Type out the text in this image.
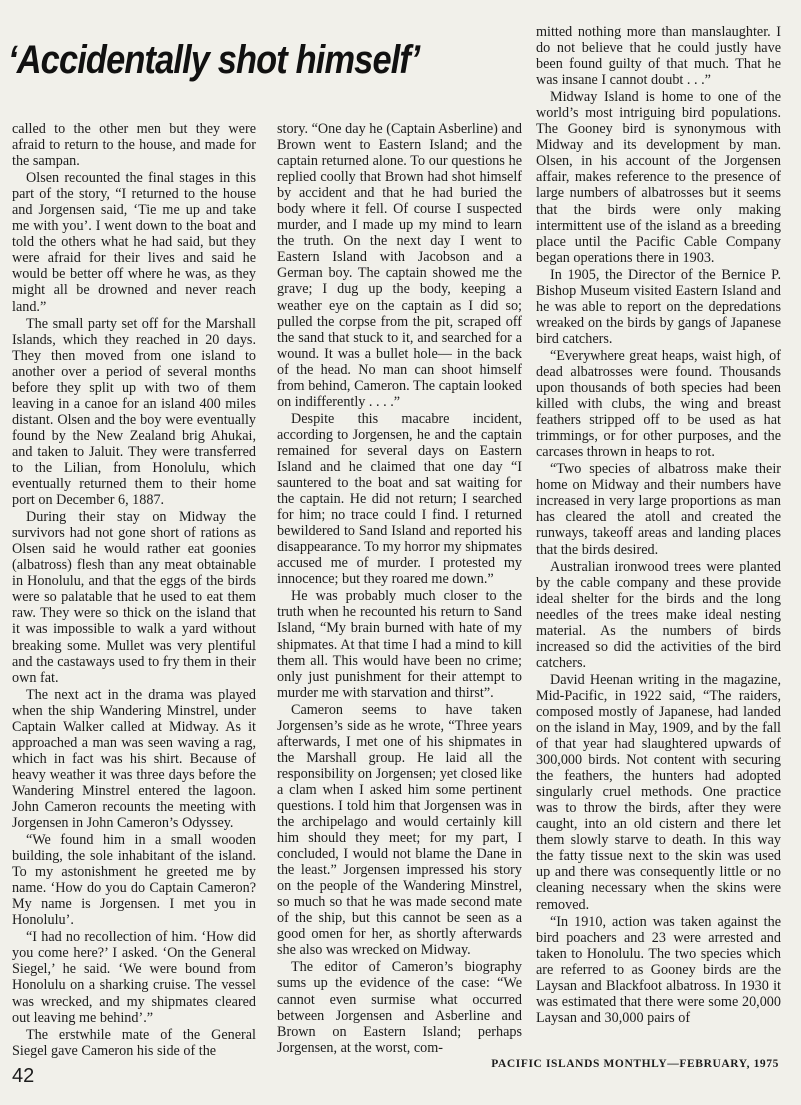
‘Accidentally shot himself’

called to the other men but they were afraid to return to the house, and made for the sampan.

Olsen recounted the final stages in this part of the story, “I returned to the house and Jorgensen said, ‘Tie me up and take me with you’. I went down to the boat and told the others what he had said, but they were afraid for their lives and said he would be better off where he was, as they might all be drowned and never reach land.”

The small party set off for the Marshall Islands, which they reached in 20 days. They then moved from one island to another over a period of several months before they split up with two of them leaving in a canoe for an island 400 miles distant. Olsen and the boy were eventually found by the New Zealand brig Ahukai, and taken to Jaluit. They were transferred to the Lilian, from Honolulu, which eventually returned them to their home port on December 6, 1887.

During their stay on Midway the survivors had not gone short of rations as Olsen said he would rather eat goonies (albatross) flesh than any meat obtainable in Honolulu, and that the eggs of the birds were so palatable that he used to eat them raw. They were so thick on the island that it was impossible to walk a yard without breaking some. Mullet was very plentiful and the castaways used to fry them in their own fat.

The next act in the drama was played when the ship Wandering Minstrel, under Captain Walker called at Midway. As it approached a man was seen waving a rag, which in fact was his shirt. Because of heavy weather it was three days before the Wandering Minstrel entered the lagoon. John Cameron recounts the meeting with Jorgensen in John Cameron’s Odyssey.

“We found him in a small wooden building, the sole inhabitant of the island. To my astonishment he greeted me by name. ‘How do you do Captain Cameron? My name is Jorgensen. I met you in Honolulu’.

“I had no recollection of him. ‘How did you come here?’ I asked. ‘On the General Siegel,’ he said. ‘We were bound from Honolulu on a sharking cruise. The vessel was wrecked, and my shipmates cleared out leaving me behind’.”

The erstwhile mate of the General Siegel gave Cameron his side of the

story. “One day he (Captain Asberline) and Brown went to Eastern Island; and the captain returned alone. To our questions he replied coolly that Brown had shot himself by accident and that he had buried the body where it fell. Of course I suspected murder, and I made up my mind to learn the truth. On the next day I went to Eastern Island with Jacobson and a German boy. The captain showed me the grave; I dug up the body, keeping a weather eye on the captain as I did so; pulled the corpse from the pit, scraped off the sand that stuck to it, and searched for a wound. It was a bullet hole— in the back of the head. No man can shoot himself from behind, Cameron. The captain looked on indifferently . . . .”

Despite this macabre incident, according to Jorgensen, he and the captain remained for several days on Eastern Island and he claimed that one day “I sauntered to the boat and sat waiting for the captain. He did not return; I searched for him; no trace could I find. I returned bewildered to Sand Island and reported his disappearance. To my horror my shipmates accused me of murder. I protested my innocence; but they roared me down.”

He was probably much closer to the truth when he recounted his return to Sand Island, “My brain burned with hate of my shipmates. At that time I had a mind to kill them all. This would have been no crime; only just punishment for their attempt to murder me with starvation and thirst”.

Cameron seems to have taken Jorgensen’s side as he wrote, “Three years afterwards, I met one of his shipmates in the Marshall group. He laid all the responsibility on Jorgensen; yet closed like a clam when I asked him some pertinent questions. I told him that Jorgensen was in the archipelago and would certainly kill him should they meet; for my part, I concluded, I would not blame the Dane in the least.” Jorgensen impressed his story on the people of the Wandering Minstrel, so much so that he was made second mate of the ship, but this cannot be seen as a good omen for her, as shortly afterwards she also was wrecked on Midway.

The editor of Cameron’s biography sums up the evidence of the case: “We cannot even surmise what occurred between Jorgensen and Asberline and Brown on Eastern Island; perhaps Jorgensen, at the worst, com-

mitted nothing more than manslaughter. I do not believe that he could justly have been found guilty of that much. That he was insane I cannot doubt . . .”

Midway Island is home to one of the world’s most intriguing bird populations. The Gooney bird is synonymous with Midway and its development by man. Olsen, in his account of the Jorgensen affair, makes reference to the presence of large numbers of albatrosses but it seems that the birds were only making intermittent use of the island as a breeding place until the Pacific Cable Company began operations there in 1903.

In 1905, the Director of the Bernice P. Bishop Museum visited Eastern Island and he was able to report on the depredations wreaked on the birds by gangs of Japanese bird catchers.

“Everywhere great heaps, waist high, of dead albatrosses were found. Thousands upon thousands of both species had been killed with clubs, the wing and breast feathers stripped off to be used as hat trimmings, or for other purposes, and the carcases thrown in heaps to rot.

“Two species of albatross make their home on Midway and their numbers have increased in very large proportions as man has cleared the atoll and created the runways, takeoff areas and landing places that the birds desired.

Australian ironwood trees were planted by the cable company and these provide ideal shelter for the birds and the long needles of the trees make ideal nesting material. As the numbers of birds increased so did the activities of the bird catchers.

David Heenan writing in the magazine, Mid-Pacific, in 1922 said, “The raiders, composed mostly of Japanese, had landed on the island in May, 1909, and by the fall of that year had slaughtered upwards of 300,000 birds. Not content with securing the feathers, the hunters had adopted singularly cruel methods. One practice was to throw the birds, after they were caught, into an old cistern and there let them slowly starve to death. In this way the fatty tissue next to the skin was used up and there was consequently little or no cleaning necessary when the skins were removed.

“In 1910, action was taken against the bird poachers and 23 were arrested and taken to Honolulu. The two species which are referred to as Gooney birds are the Laysan and Blackfoot albatross. In 1930 it was estimated that there were some 20,000 Laysan and 30,000 pairs of

42

PACIFIC ISLANDS MONTHLY—FEBRUARY, 1975
